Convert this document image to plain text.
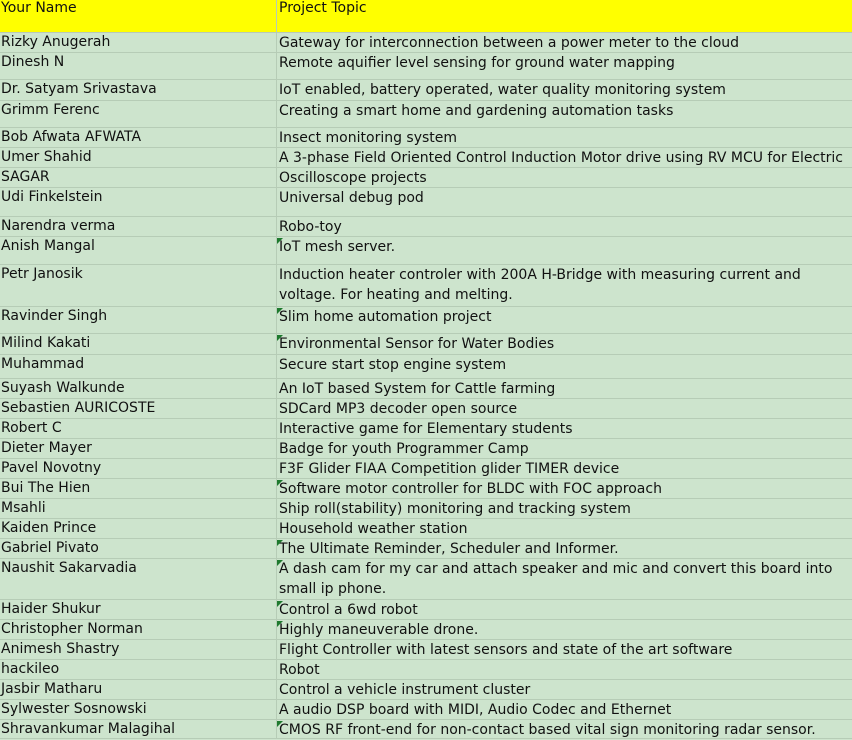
Your Name	Project Topic
Rizky Anugerah	Gateway for interconnection between a power meter to the cloud
Dinesh N	Remote aquifier level sensing for ground water mapping
Dr. Satyam Srivastava	IoT enabled, battery operated, water quality monitoring system
Grimm Ferenc	Creating a smart home and gardening automation tasks
Bob Afwata AFWATA	Insect monitoring system
Umer Shahid	A 3-phase Field Oriented Control Induction Motor drive using RV MCU for Electric
SAGAR	Oscilloscope projects
Udi Finkelstein	Universal debug pod
Narendra verma	Robo-toy
Anish Mangal	IoT mesh server.
Petr Janosik	Induction heater controler with 200A H-Bridge with measuring current and voltage. For heating and melting.
Ravinder Singh	Slim home automation project
Milind Kakati	Environmental Sensor for Water Bodies
Muhammad	Secure start stop engine system
Suyash Walkunde	An IoT based System for Cattle farming
Sebastien AURICOSTE	SDCard MP3 decoder open source
Robert C	Interactive game for Elementary students
Dieter Mayer	Badge for youth Programmer Camp
Pavel Novotny	F3F Glider FIAA Competition glider TIMER device
Bui The Hien	Software motor controller for BLDC with FOC approach
Msahli	Ship roll(stability) monitoring and tracking system
Kaiden Prince	Household weather station
Gabriel Pivato	The Ultimate Reminder, Scheduler and Informer.
Naushit Sakarvadia	A dash cam for my car and attach speaker and mic and convert this board into small ip phone.
Haider Shukur	Control a 6wd robot
Christopher Norman	Highly maneuverable drone.
Animesh Shastry	Flight Controller with latest sensors and state of the art software
hackileo	Robot
Jasbir Matharu	Control a vehicle instrument cluster
Sylwester Sosnowski	A audio DSP board with MIDI, Audio Codec and Ethernet
Shravankumar Malagihal	CMOS RF front-end for non-contact based vital sign monitoring radar sensor.
